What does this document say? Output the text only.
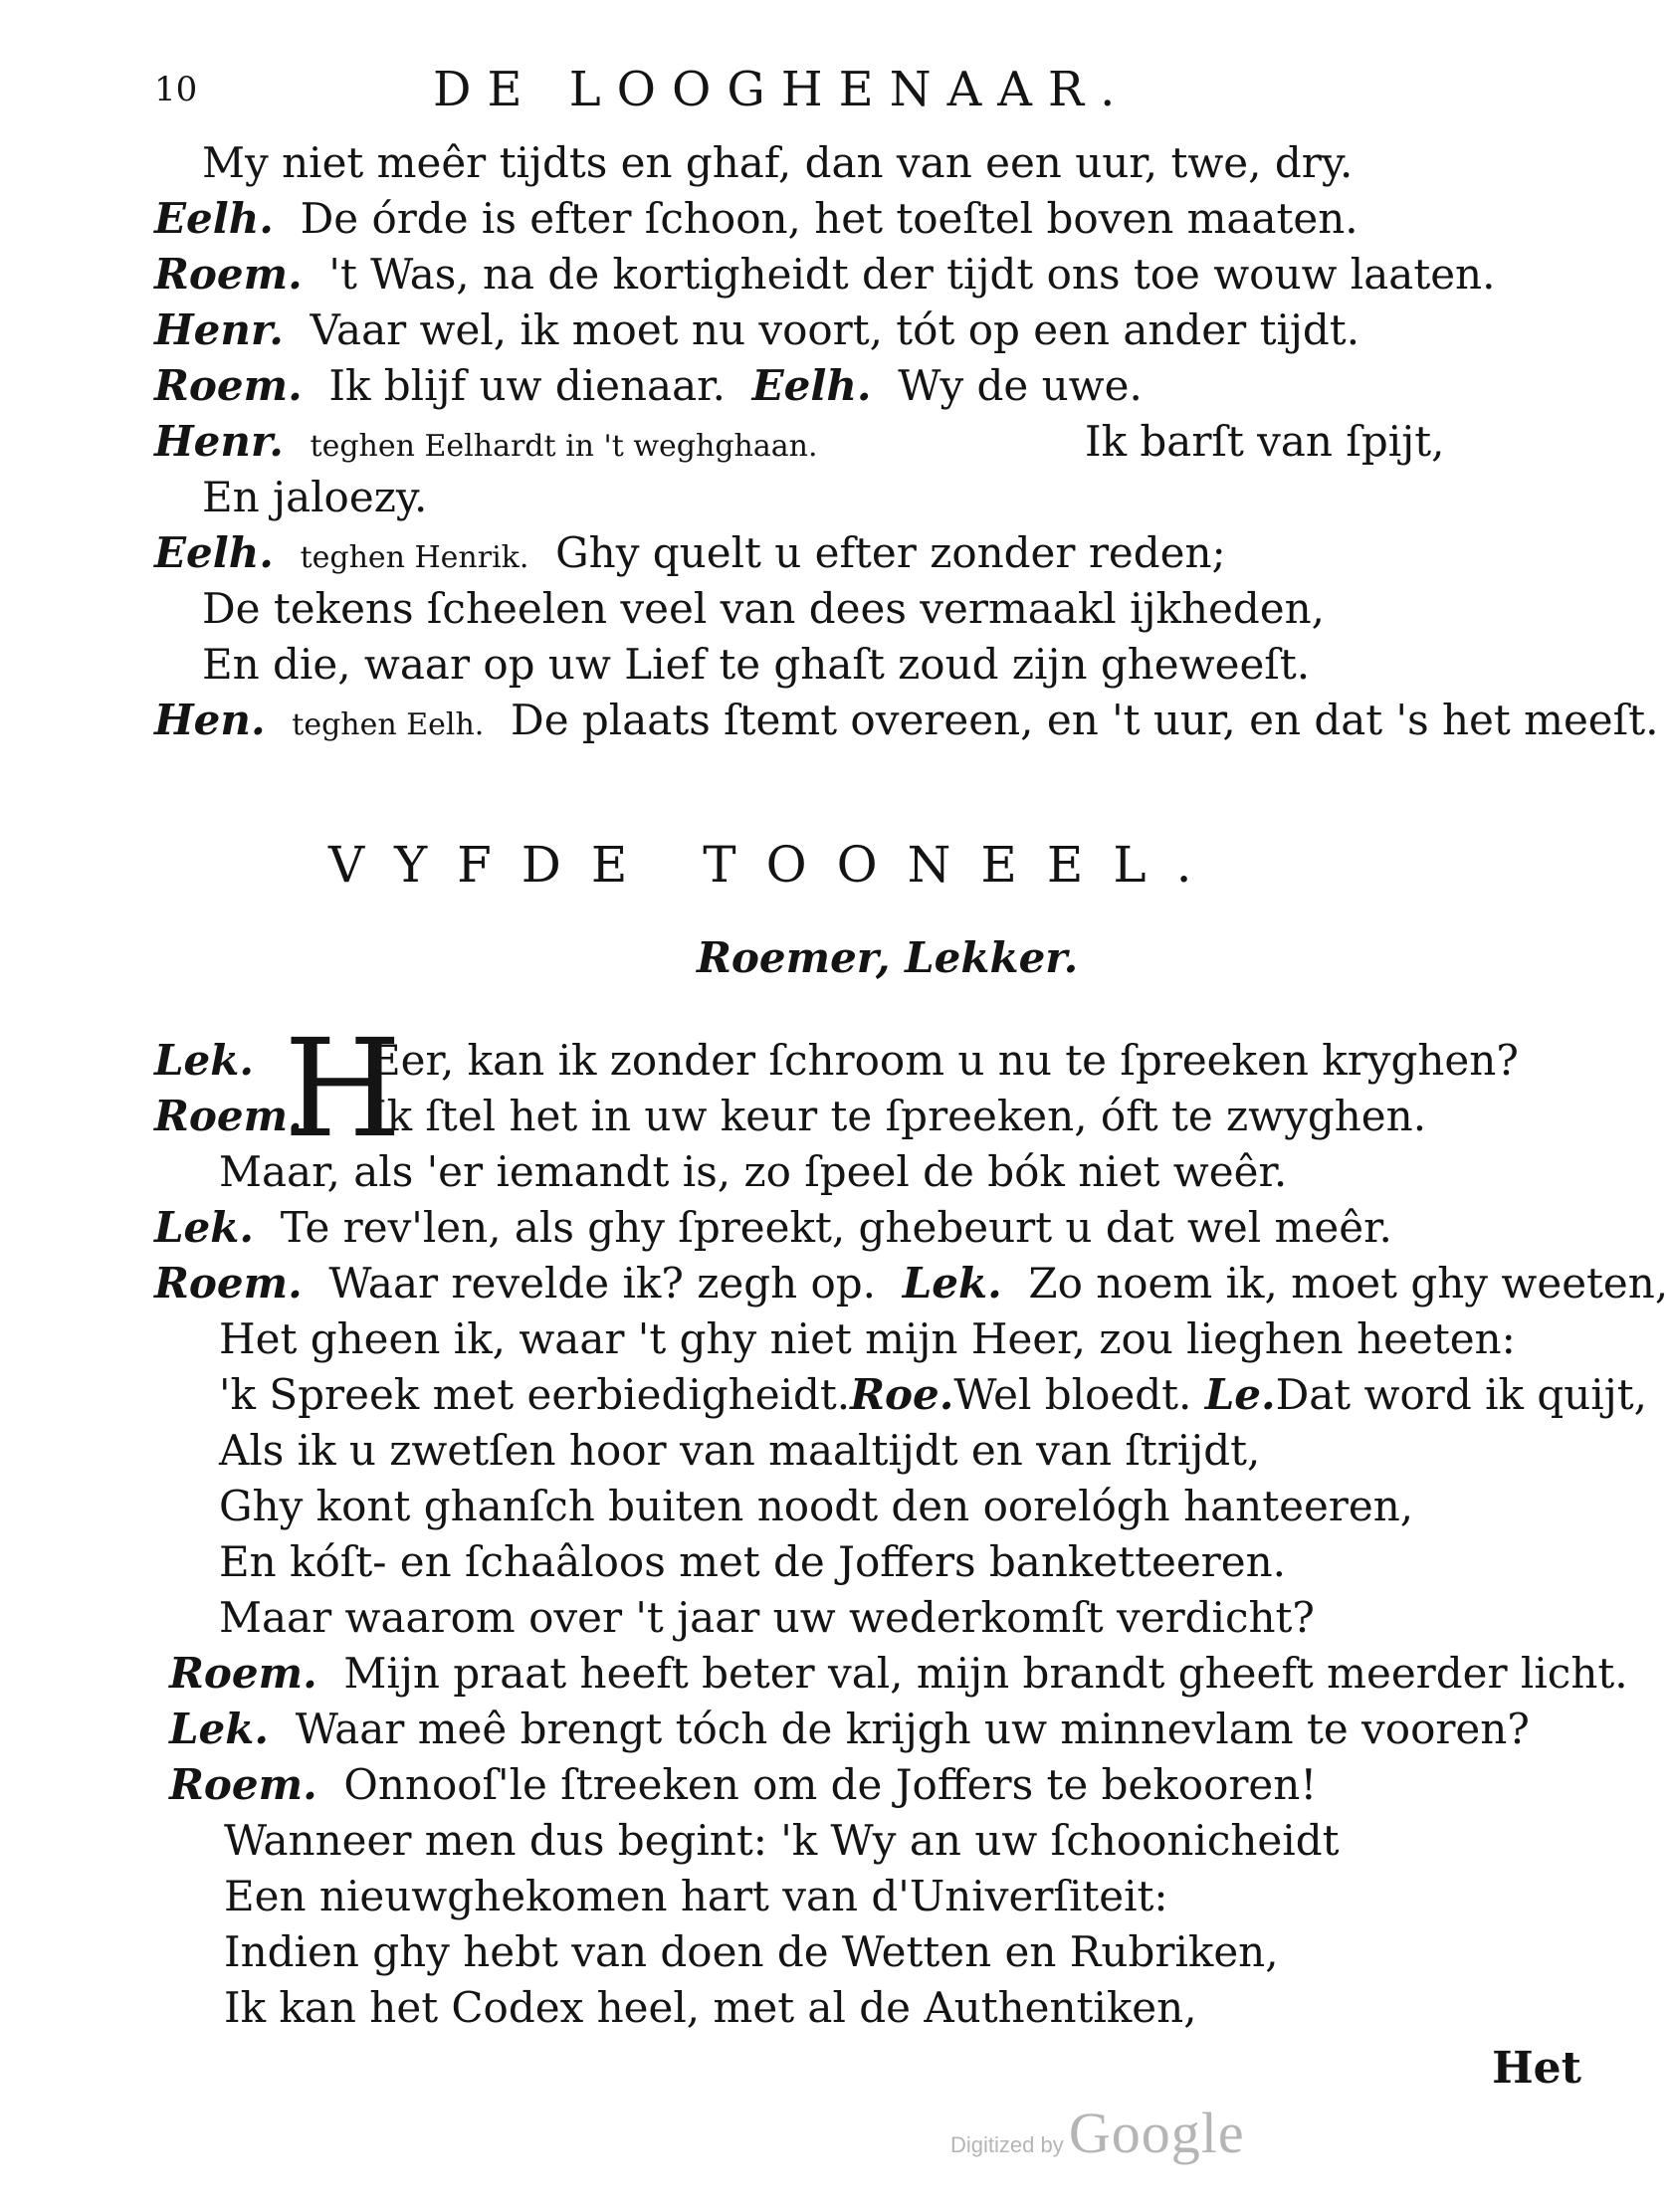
10	DE LOOGHENAAR.
My niet meêr tijdts en ghaf, dan van een uur, twe, dry.
Eelh. De órde is efter ſchoon, het toeſtel boven maaten.
Roem. 't Was, na de kortigheidt der tijdt ons toe wouw laaten.
Henr. Vaar wel, ik moet nu voort, tót op een ander tijdt.
Roem. Ik blijf uw dienaar. Eelh. Wy de uwe.
Henr. teghen Eelhardt in 't weghghaan.	Ik barſt van ſpijt,
En jaloezy.
Eelh. teghen Henrik. Ghy quelt u efter zonder reden;
De tekens ſcheelen veel van dees vermaakl ijkheden,
En die, waar op uw Lief te ghaſt zoud zijn gheweeſt.
Hen. teghen Eelh. De plaats ſtemt overeen, en 't uur, en dat 's het meeſt.
VYFDE TOONEEL.
Roemer, Lekker.
H
Lek.	Eer, kan ik zonder ſchroom u nu te ſpreeken kryghen?
Roem. Ik ſtel het in uw keur te ſpreeken, óft te zwyghen.
Maar, als 'er iemandt is, zo ſpeel de bók niet weêr.
Lek. Te rev'len, als ghy ſpreekt, ghebeurt u dat wel meêr.
Roem. Waar revelde ik? zegh op. Lek. Zo noem ik, moet ghy weeten,
Het gheen ik, waar 't ghy niet mijn Heer, zou lieghen heeten:
'k Spreek met eerbiedigheidt.Roe.Wel bloedt. Le.Dat word ik quijt,
Als ik u zwetſen hoor van maaltijdt en van ſtrijdt,
Ghy kont ghanſch buiten noodt den oorelógh hanteeren,
En kóſt- en ſchaâloos met de Joffers banketteeren.
Maar waarom over 't jaar uw wederkomſt verdicht?
Roem. Mijn praat heeft beter val, mijn brandt gheeft meerder licht.
Lek. Waar meê brengt tóch de krijgh uw minnevlam te vooren?
Roem. Onnooſ'le ſtreeken om de Joffers te bekooren!
Wanneer men dus begint: 'k Wy an uw ſchoonicheidt
Een nieuwghekomen hart van d'Univerſiteit:
Indien ghy hebt van doen de Wetten en Rubriken,
Ik kan het Codex heel, met al de Authentiken,
Het
Digitized by Google
